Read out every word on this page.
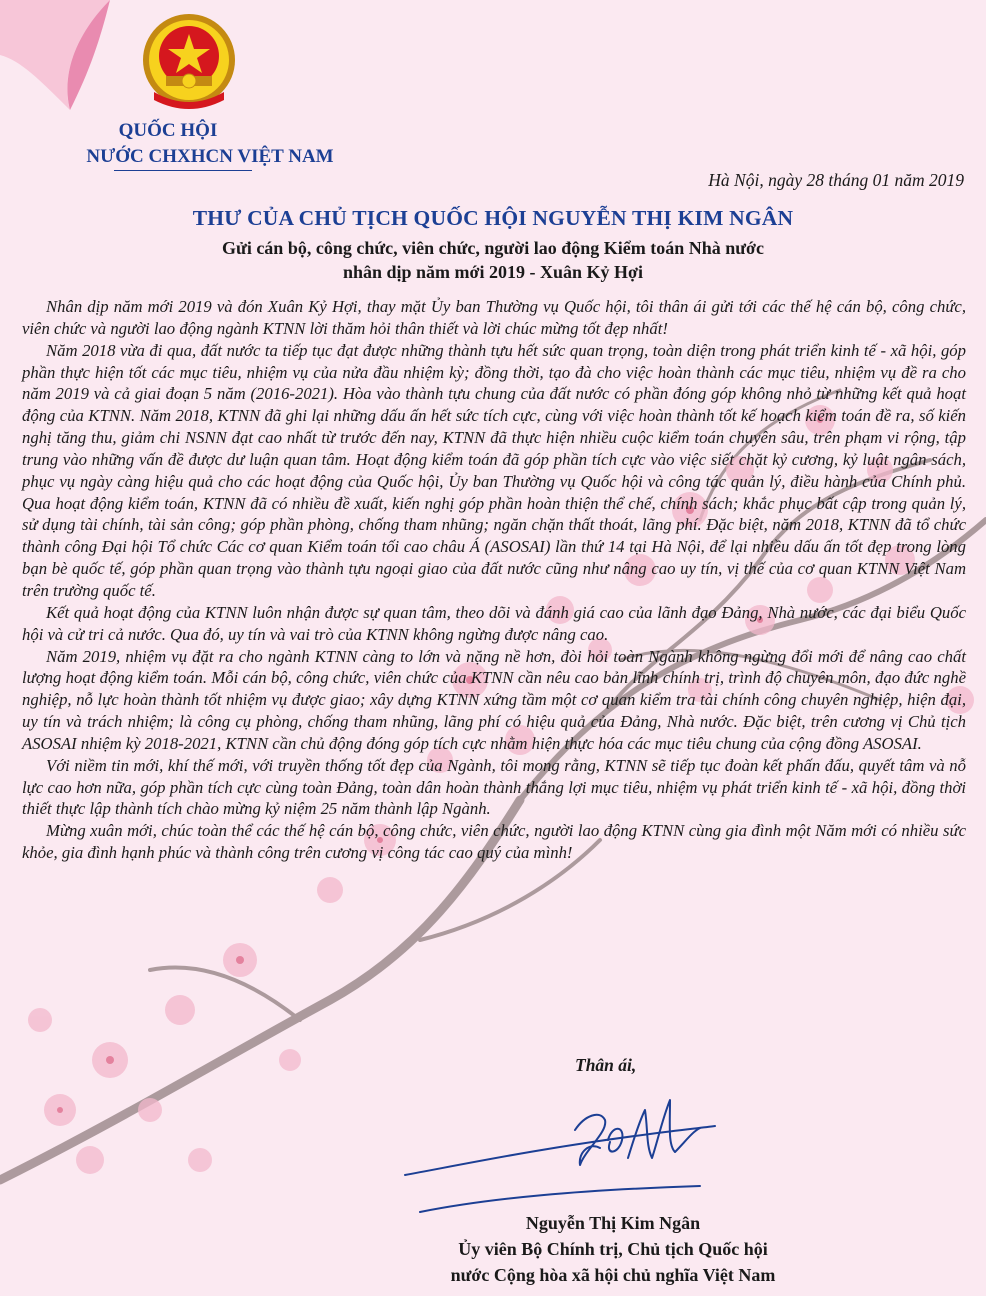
QUỐC HỘI
NƯỚC CHXHCN VIỆT NAM
Hà Nội, ngày 28 tháng 01 năm 2019
THƯ CỦA CHỦ TỊCH QUỐC HỘI NGUYỄN THỊ KIM NGÂN
Gửi cán bộ, công chức, viên chức, người lao động Kiểm toán Nhà nước
nhân dịp năm mới 2019 - Xuân Kỷ Hợi

Nhân dịp năm mới 2019 và đón Xuân Kỷ Hợi, thay mặt Ủy ban Thường vụ Quốc hội, tôi thân ái gửi tới các thế hệ cán bộ, công chức, viên chức và người lao động ngành KTNN lời thăm hỏi thân thiết và lời chúc mừng tốt đẹp nhất!

Năm 2018 vừa đi qua, đất nước ta tiếp tục đạt được những thành tựu hết sức quan trọng, toàn diện trong phát triển kinh tế - xã hội, góp phần thực hiện tốt các mục tiêu, nhiệm vụ của nửa đầu nhiệm kỳ; đồng thời, tạo đà cho việc hoàn thành các mục tiêu, nhiệm vụ đề ra cho năm 2019 và cả giai đoạn 5 năm (2016-2021). Hòa vào thành tựu chung của đất nước có phần đóng góp không nhỏ từ những kết quả hoạt động của KTNN. Năm 2018, KTNN đã ghi lại những dấu ấn hết sức tích cực, cùng với việc hoàn thành tốt kế hoạch kiểm toán đề ra, số kiến nghị tăng thu, giảm chi NSNN đạt cao nhất từ trước đến nay, KTNN đã thực hiện nhiều cuộc kiểm toán chuyên sâu, trên phạm vi rộng, tập trung vào những vấn đề được dư luận quan tâm. Hoạt động kiểm toán đã góp phần tích cực vào việc siết chặt kỷ cương, kỷ luật ngân sách, phục vụ ngày càng hiệu quả cho các hoạt động của Quốc hội, Ủy ban Thường vụ Quốc hội và công tác quản lý, điều hành của Chính phủ. Qua hoạt động kiểm toán, KTNN đã có nhiều đề xuất, kiến nghị góp phần hoàn thiện thể chế, chính sách; khắc phục bất cập trong quản lý, sử dụng tài chính, tài sản công; góp phần phòng, chống tham nhũng; ngăn chặn thất thoát, lãng phí. Đặc biệt, năm 2018, KTNN đã tổ chức thành công Đại hội Tổ chức Các cơ quan Kiểm toán tối cao châu Á (ASOSAI) lần thứ 14 tại Hà Nội, để lại nhiều dấu ấn tốt đẹp trong lòng bạn bè quốc tế, góp phần quan trọng vào thành tựu ngoại giao của đất nước cũng như nâng cao uy tín, vị thế của cơ quan KTNN Việt Nam trên trường quốc tế.

Kết quả hoạt động của KTNN luôn nhận được sự quan tâm, theo dõi và đánh giá cao của lãnh đạo Đảng, Nhà nước, các đại biểu Quốc hội và cử tri cả nước. Qua đó, uy tín và vai trò của KTNN không ngừng được nâng cao.

Năm 2019, nhiệm vụ đặt ra cho ngành KTNN càng to lớn và nặng nề hơn, đòi hỏi toàn Ngành không ngừng đổi mới để nâng cao chất lượng hoạt động kiểm toán. Mỗi cán bộ, công chức, viên chức của KTNN cần nêu cao bản lĩnh chính trị, trình độ chuyên môn, đạo đức nghề nghiệp, nỗ lực hoàn thành tốt nhiệm vụ được giao; xây dựng KTNN xứng tầm một cơ quan kiểm tra tài chính công chuyên nghiệp, hiện đại, uy tín và trách nhiệm; là công cụ phòng, chống tham nhũng, lãng phí có hiệu quả của Đảng, Nhà nước. Đặc biệt, trên cương vị Chủ tịch ASOSAI nhiệm kỳ 2018-2021, KTNN cần chủ động đóng góp tích cực nhằm hiện thực hóa các mục tiêu chung của cộng đồng ASOSAI.

Với niềm tin mới, khí thế mới, với truyền thống tốt đẹp của Ngành, tôi mong rằng, KTNN sẽ tiếp tục đoàn kết phấn đấu, quyết tâm và nỗ lực cao hơn nữa, góp phần tích cực cùng toàn Đảng, toàn dân hoàn thành thắng lợi mục tiêu, nhiệm vụ phát triển kinh tế - xã hội, đồng thời thiết thực lập thành tích chào mừng kỷ niệm 25 năm thành lập Ngành.

Mừng xuân mới, chúc toàn thể các thế hệ cán bộ, công chức, viên chức, người lao động KTNN cùng gia đình một Năm mới có nhiều sức khỏe, gia đình hạnh phúc và thành công trên cương vị công tác cao quý của mình!

Thân ái,
Nguyễn Thị Kim Ngân
Ủy viên Bộ Chính trị, Chủ tịch Quốc hội
nước Cộng hòa xã hội chủ nghĩa Việt Nam
